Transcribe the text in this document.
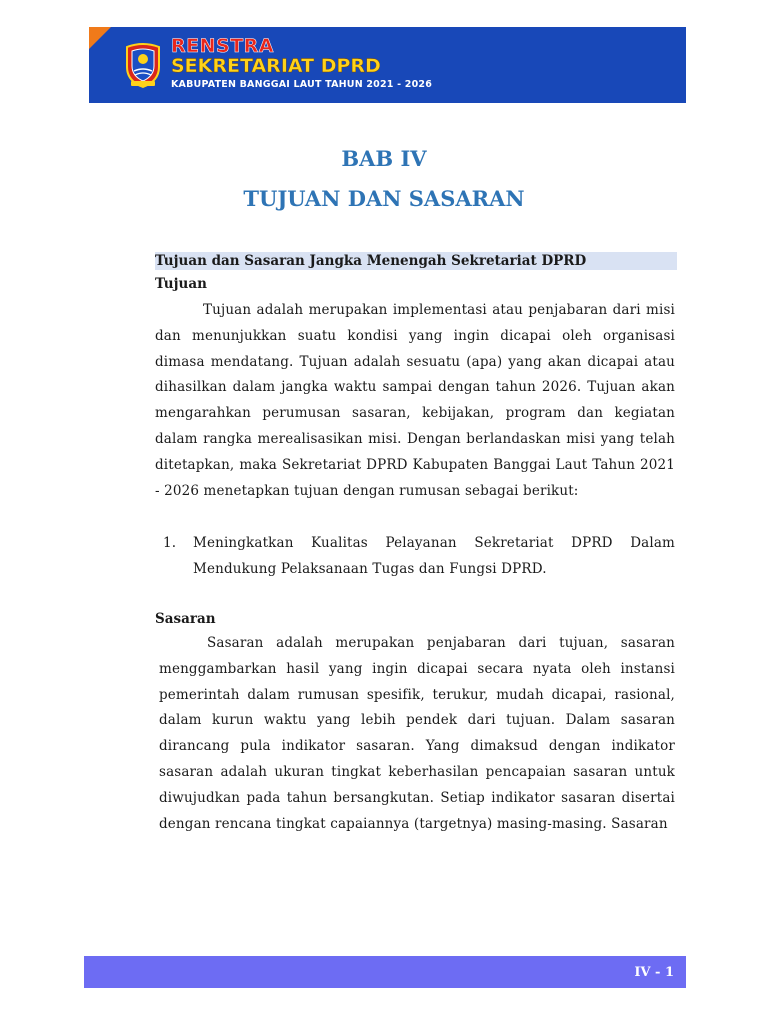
RENSTRA
SEKRETARIAT DPRD
KABUPATEN BANGGAI LAUT TAHUN 2021 - 2026
BAB IV
TUJUAN DAN SASARAN
Tujuan dan Sasaran Jangka Menengah Sekretariat DPRD
Tujuan

Tujuan adalah merupakan implementasi atau penjabaran dari misi dan menunjukkan suatu kondisi yang ingin dicapai oleh organisasi dimasa mendatang. Tujuan adalah sesuatu (apa) yang akan dicapai atau dihasilkan dalam jangka waktu sampai dengan tahun 2026. Tujuan akan mengarahkan perumusan sasaran, kebijakan, program dan kegiatan dalam rangka merealisasikan misi. Dengan berlandaskan misi yang telah ditetapkan, maka Sekretariat DPRD Kabupaten Banggai Laut Tahun 2021 - 2026 menetapkan tujuan dengan rumusan sebagai berikut:

1. Meningkatkan Kualitas Pelayanan Sekretariat DPRD Dalam Mendukung Pelaksanaan Tugas dan Fungsi DPRD.
Sasaran

Sasaran adalah merupakan penjabaran dari tujuan, sasaran menggambarkan hasil yang ingin dicapai secara nyata oleh instansi pemerintah dalam rumusan spesifik, terukur, mudah dicapai, rasional, dalam kurun waktu yang lebih pendek dari tujuan. Dalam sasaran dirancang pula indikator sasaran. Yang dimaksud dengan indikator sasaran adalah ukuran tingkat keberhasilan pencapaian sasaran untuk diwujudkan pada tahun bersangkutan. Setiap indikator sasaran disertai dengan rencana tingkat capaiannya (targetnya) masing-masing. Sasaran

IV - 1
